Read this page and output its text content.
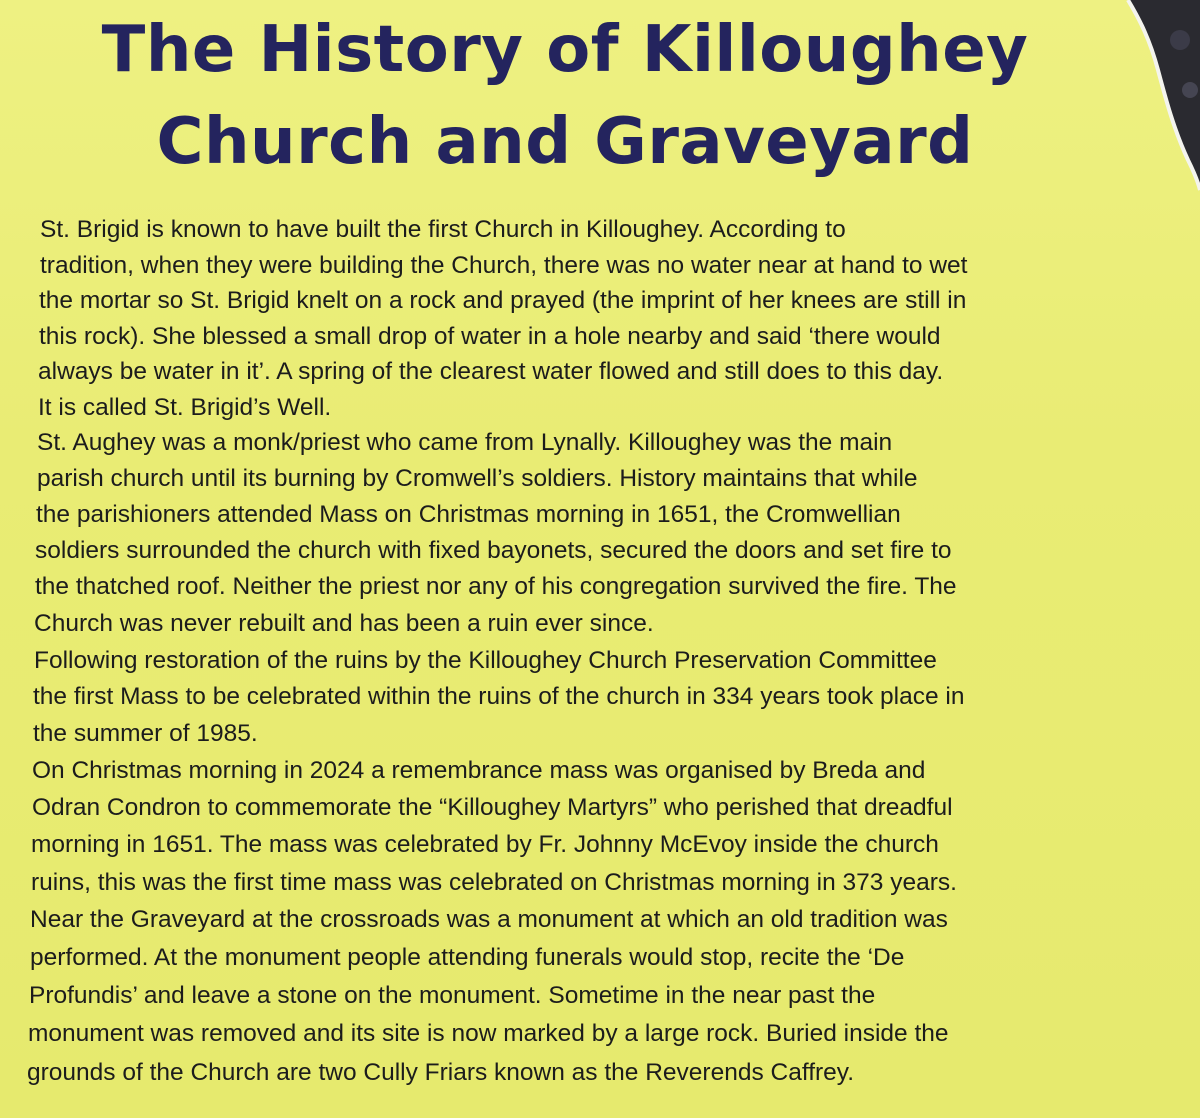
The History of Killoughey
Church and Graveyard
St. Brigid is known to have built the first Church in Killoughey. According to
tradition, when they were building the Church, there was no water near at hand to wet
the mortar so St. Brigid knelt on a rock and prayed (the imprint of her knees are still in
this rock). She blessed a small drop of water in a hole nearby and said ‘there would
always be water in it’. A spring of the clearest water flowed and still does to this day.
It is called St. Brigid’s Well.
St. Aughey was a monk/priest who came from Lynally. Killoughey was the main
parish church until its burning by Cromwell’s soldiers. History maintains that while
the parishioners attended Mass on Christmas morning in 1651, the Cromwellian
soldiers surrounded the church with fixed bayonets, secured the doors and set fire to
the thatched roof. Neither the priest nor any of his congregation survived the fire. The
Church was never rebuilt and has been a ruin ever since.
Following restoration of the ruins by the Killoughey Church Preservation Committee
the first Mass to be celebrated within the ruins of the church in 334 years took place in
the summer of 1985.
On Christmas morning in 2024 a remembrance mass was organised by Breda and
Odran Condron to commemorate the “Killoughey Martyrs” who perished that dreadful
morning in 1651. The mass was celebrated by Fr. Johnny McEvoy inside the church
ruins, this was the first time mass was celebrated on Christmas morning in 373 years.
Near the Graveyard at the crossroads was a monument at which an old tradition was
performed. At the monument people attending funerals would stop, recite the ‘De
Profundis’ and leave a stone on the monument. Sometime in the near past the
monument was removed and its site is now marked by a large rock. Buried inside the
grounds of the Church are two Cully Friars known as the Reverends Caffrey.
